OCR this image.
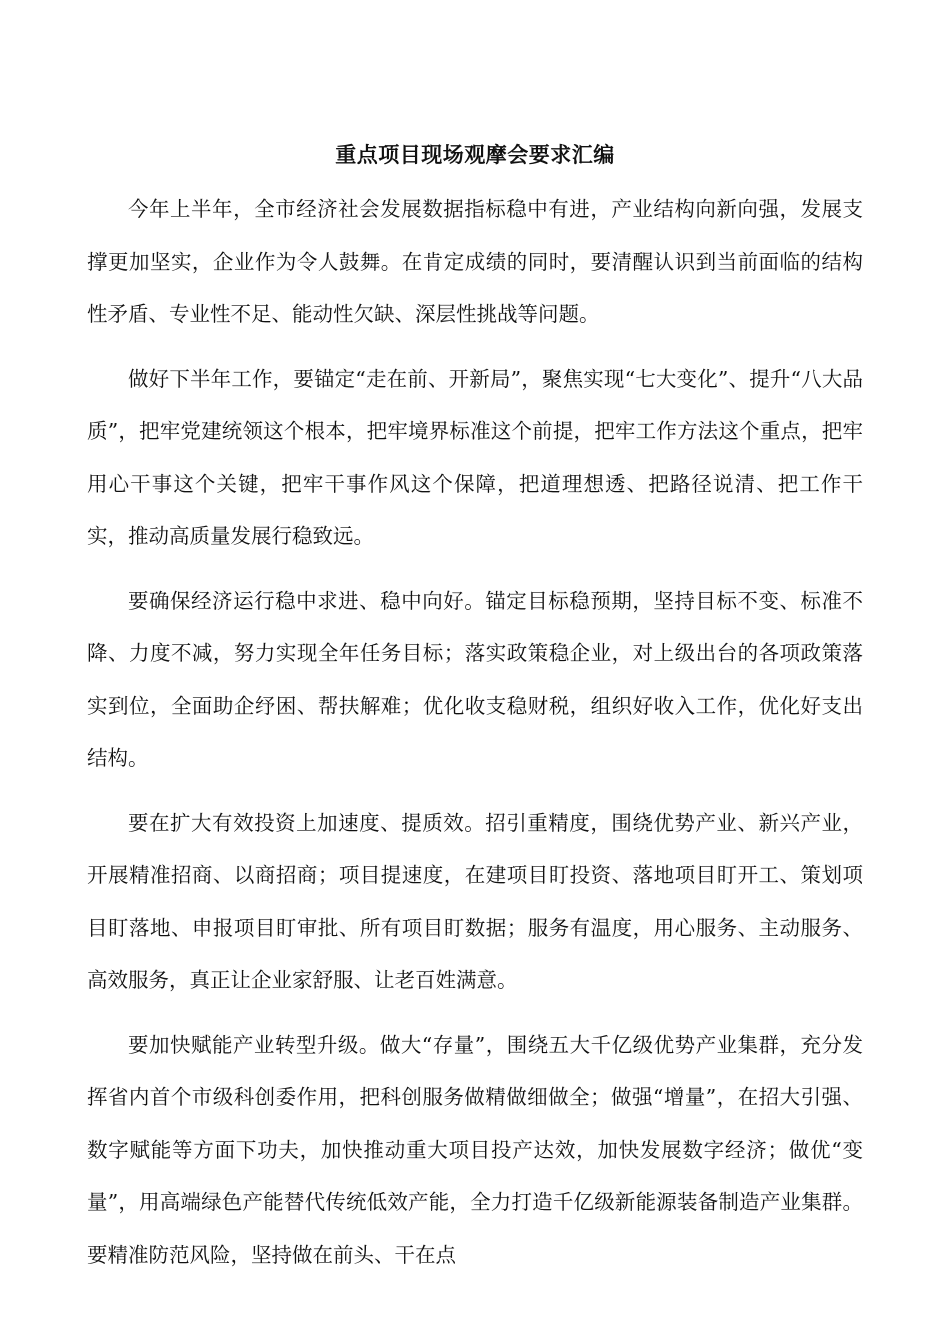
重点项目现场观摩会要求汇编

今年上半年，全市经济社会发展数据指标稳中有进，产业结构向新向强，发展支撑更加坚实，企业作为令人鼓舞。在肯定成绩的同时，要清醒认识到当前面临的结构性矛盾、专业性不足、能动性欠缺、深层性挑战等问题。

做好下半年工作，要锚定“走在前、开新局”，聚焦实现“七大变化”、提升“八大品质”，把牢党建统领这个根本，把牢境界标准这个前提，把牢工作方法这个重点，把牢用心干事这个关键，把牢干事作风这个保障，把道理想透、把路径说清、把工作干实，推动高质量发展行稳致远。

要确保经济运行稳中求进、稳中向好。锚定目标稳预期，坚持目标不变、标准不降、力度不减，努力实现全年任务目标；落实政策稳企业，对上级出台的各项政策落实到位，全面助企纾困、帮扶解难；优化收支稳财税，组织好收入工作，优化好支出结构。

要在扩大有效投资上加速度、提质效。招引重精度，围绕优势产业、新兴产业，开展精准招商、以商招商；项目提速度，在建项目盯投资、落地项目盯开工、策划项目盯落地、申报项目盯审批、所有项目盯数据；服务有温度，用心服务、主动服务、高效服务，真正让企业家舒服、让老百姓满意。

要加快赋能产业转型升级。做大“存量”，围绕五大千亿级优势产业集群，充分发挥省内首个市级科创委作用，把科创服务做精做细做全；做强“增量”，在招大引强、数字赋能等方面下功夫，加快推动重大项目投产达效，加快发展数字经济；做优“变量”，用高端绿色产能替代传统低效产能，全力打造千亿级新能源装备制造产业集群。要精准防范风险，坚持做在前头、干在点
